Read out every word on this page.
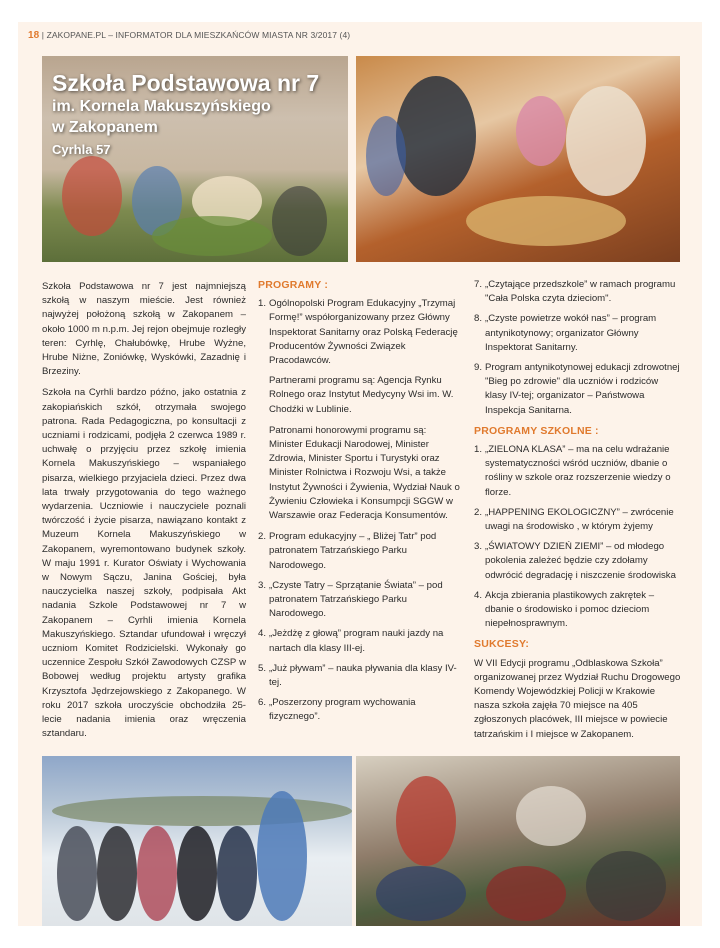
18 | ZAKOPANE.PL – INFORMATOR DLA MIESZKAŃCÓW MIASTA NR 3/2017 (4)
Szkoła Podstawowa nr 7
im. Kornela Makuszyńskiego
w Zakopanem
Cyrhla 57

Szkoła Podstawowa nr 7 jest najmniejszą szkołą w naszym mieście. Jest również najwyżej położoną szkołą w Zakopanem – około 1000 m n.p.m. Jej rejon obejmuje rozległy teren: Cyrhlę, Chałubówkę, Hrube Wyżne, Hrube Niżne, Zoniówkę, Wyskówki, Zazadnię i Brzeziny.

Szkoła na Cyrhli bardzo późno, jako ostatnia z zakopiańskich szkół, otrzymała swojego patrona. Rada Pedagogiczna, po konsultacji z uczniami i rodzicami, podjęła 2 czerwca 1989 r. uchwałę o przyjęciu przez szkołę imienia Kornela Makuszyńskiego – wspaniałego pisarza, wielkiego przyjaciela dzieci. Przez dwa lata trwały przygotowania do tego ważnego wydarzenia. Uczniowie i nauczyciele poznali twórczość i życie pisarza, nawiązano kontakt z Muzeum Kornela Makuszyńskiego w Zakopanem, wyremontowano budynek szkoły. W maju 1991 r. Kurator Oświaty i Wychowania w Nowym Sączu, Janina Gościej, była nauczycielka naszej szkoły, podpisała Akt nadania Szkole Podstawowej nr 7 w Zakopanem – Cyrhli imienia Kornela Makuszyńskiego. Sztandar ufundował i wręczył uczniom Komitet Rodzicielski. Wykonały go uczennice Zespołu Szkół Zawodowych CZSP w Bobowej według projektu artysty grafika Krzysztofa Jędrzejowskiego z Zakopanego. W roku 2017 szkoła uroczyście obchodziła 25-lecie nadania imienia oraz wręczenia sztandaru.

PROGRAMY :
1. Ogólnopolski Program Edukacyjny „Trzymaj Formę!” współorganizowany przez Główny Inspektorat Sanitarny oraz Polską Federację Producentów Żywności Związek Pracodawców.

Partnerami programu są: Agencja Rynku Rolnego oraz Instytut Medycyny Wsi im. W. Chodźki w Lublinie.

Patronami honorowymi programu są: Minister Edukacji Narodowej, Minister Zdrowia, Minister Sportu i Turystyki oraz Minister Rolnictwa i Rozwoju Wsi, a także Instytut Żywności i Żywienia, Wydział Nauk o Żywieniu Człowieka i Konsumpcji SGGW w Warszawie oraz Federacja Konsumentów.

2. Program edukacyjny – „ Bliżej Tatr” pod patronatem Tatrzańskiego Parku Narodowego.
3. „Czyste Tatry – Sprzątanie Świata” – pod patronatem Tatrzańskiego Parku Narodowego.
4. „Jeżdżę z głową” program nauki jazdy na nartach dla klasy III-ej.
5. „Już pływam” – nauka pływania dla klasy IV-tej.
6. „Poszerzony program wychowania fizycznego”.
7. „Czytające przedszkole” w ramach programu "Cała Polska czyta dzieciom".
8. „Czyste powietrze wokół nas” – program antynikotynowy; organizator Główny Inspektorat Sanitarny.
9. Program antynikotynowej edukacji zdrowotnej "Bieg po zdrowie" dla uczniów i rodziców klasy IV-tej; organizator – Państwowa Inspekcja Sanitarna.
PROGRAMY SZKOLNE :
1. „ZIELONA KLASA” – ma na celu wdrażanie systematyczności wśród uczniów, dbanie o rośliny w szkole oraz rozszerzenie wiedzy o florze.
2. „HAPPENING EKOLOGICZNY” – zwrócenie uwagi na środowisko , w którym żyjemy
3. „ŚWIATOWY DZIEŃ ZIEMI” – od młodego pokolenia zależeć będzie czy zdołamy odwrócić degradację i niszczenie środowiska
4. Akcja zbierania plastikowych zakrętek – dbanie o środowisko i pomoc dzieciom niepełnosprawnym.
SUKCESY:

W VII Edycji programu „Odblaskowa Szkoła” organizowanej przez Wydział Ruchu Drogowego Komendy Wojewódzkiej Policji w Krakowie nasza szkoła zajęła 70 miejsce na 405 zgłoszonych placówek, III miejsce w powiecie tatrzańskim i I miejsce w Zakopanem.
